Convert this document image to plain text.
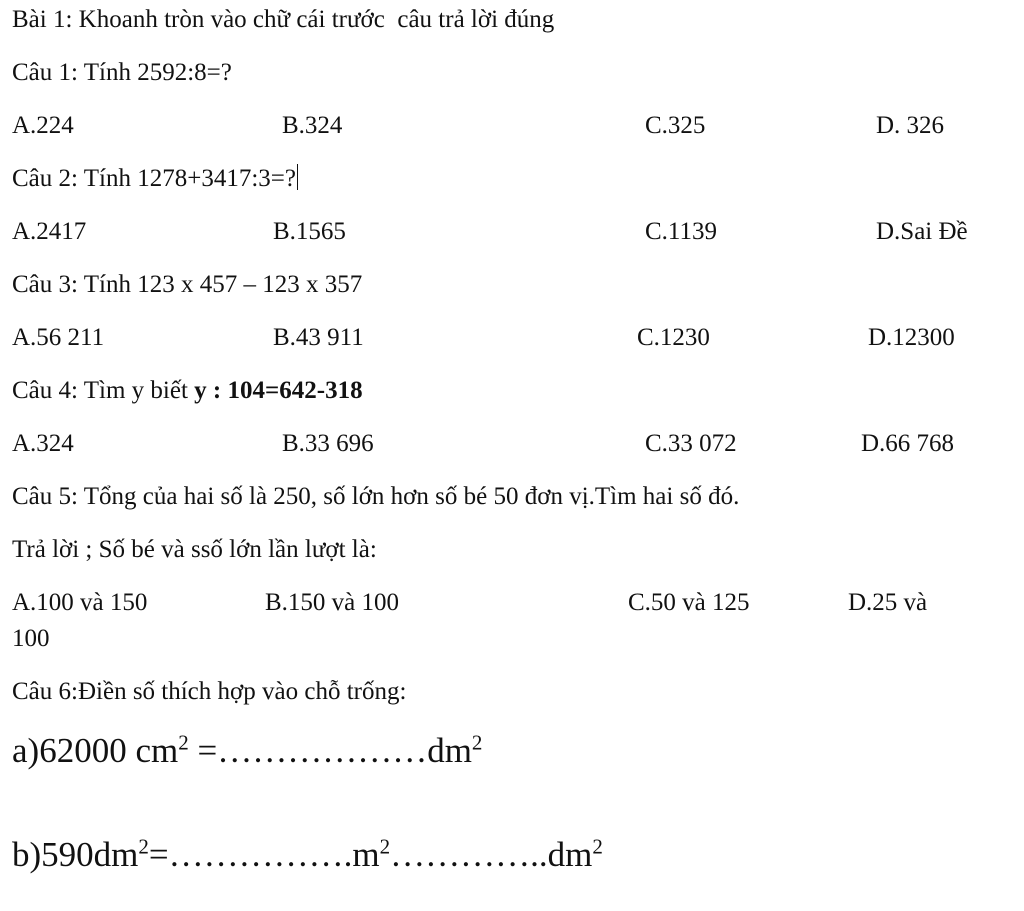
Bài 1: Khoanh tròn vào chữ cái trước  câu trả lời đúng
Câu 1: Tính 2592:8=?
A.224	B.324	C.325	D. 326
Câu 2: Tính 1278+3417:3=?
A.2417	B.1565	C.1139	D.Sai Đề
Câu 3: Tính 123 x 457 – 123 x 357
A.56 211	B.43 911	C.1230	D.12300
Câu 4: Tìm y biết y : 104=642-318
A.324	B.33 696	C.33 072	D.66 768
Câu 5: Tổng của hai số là 250, số lớn hơn số bé 50 đơn vị.Tìm hai số đó.
Trả lời ; Số bé và ssố lớn lần lượt là:
A.100 và 150	B.150 và 100	C.50 và 125	D.25 và
100
Câu 6:Điền số thích hợp vào chỗ trống:
a)62000 $cm^2$ $=\dots\dots\dots\dots\dots\dots dm^2$
$b)590dm^2=\dots\dots\dots\dots\dots.m^2\dots\dots\dots\dots..dm^2$
